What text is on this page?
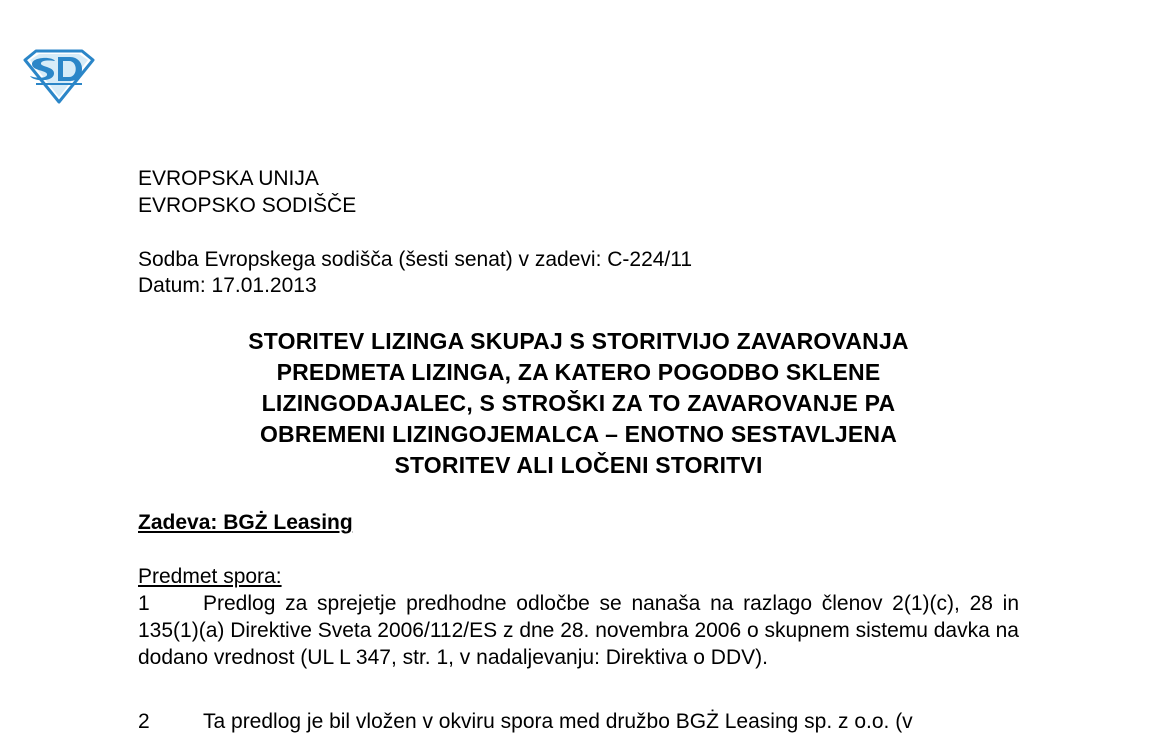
EVROPSKA UNIJA

EVROPSKO SODIŠČE

Sodba Evropskega sodišča (šesti senat) v zadevi: C-224/11

Datum: 17.01.2013

STORITEV LIZINGA SKUPAJ S STORITVIJO ZAVAROVANJA
PREDMETA LIZINGA, ZA KATERO POGODBO SKLENE
LIZINGODAJALEC, S STROŠKI ZA TO ZAVAROVANJE PA
OBREMENI LIZINGOJEMALCA – ENOTNO SESTAVLJENA
STORITEV ALI LOČENI STORITVI

Zadeva: BGŻ Leasing

Predmet spora:

1	Predlog za sprejetje predhodne odločbe se nanaša na razlago členov 2(1)(c), 28 in 135(1)(a) Direktive Sveta 2006/112/ES z dne 28. novembra 2006 o skupnem sistemu davka na dodano vrednost (UL L 347, str. 1, v nadaljevanju: Direktiva o DDV).

2	Ta predlog je bil vložen v okviru spora med družbo BGŻ Leasing sp. z o.o. (v
